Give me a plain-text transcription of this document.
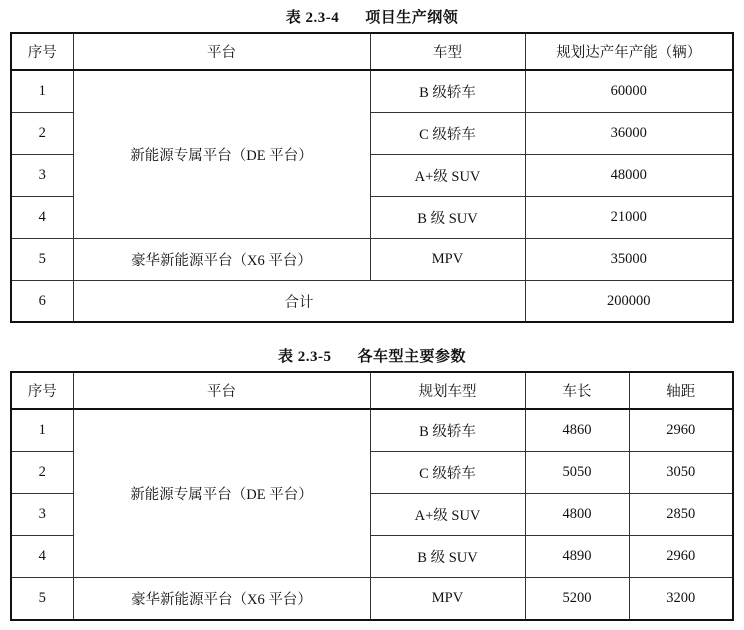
表 2.3-4 项目生产纲领
序号	平台	车型	规划达产年产能（辆）
1	新能源专属平台（DE 平台）	B 级轿车	60000
2		C 级轿车	36000
3		A+级 SUV	48000
4		B 级 SUV	21000
5	豪华新能源平台（X6 平台）	MPV	35000
6	合计		200000
表 2.3-5 各车型主要参数
序号	平台	规划车型	车长	轴距
1	新能源专属平台（DE 平台）	B 级轿车	4860	2960
2		C 级轿车	5050	3050
3		A+级 SUV	4800	2850
4		B 级 SUV	4890	2960
5	豪华新能源平台（X6 平台）	MPV	5200	3200
